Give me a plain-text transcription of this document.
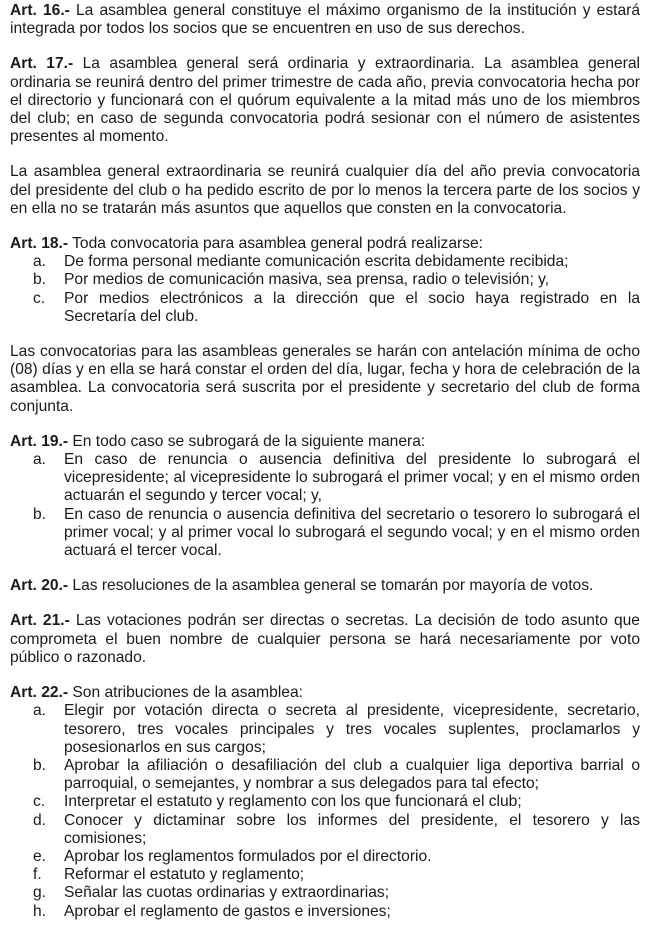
Art. 16.- La asamblea general constituye el máximo organismo de la institución y estará integrada por todos los socios que se encuentren en uso de sus derechos.

Art. 17.- La asamblea general será ordinaria y extraordinaria. La asamblea general ordinaria se reunirá dentro del primer trimestre de cada año, previa convocatoria hecha por el directorio y funcionará con el quórum equivalente a la mitad más uno de los miembros del club; en caso de segunda convocatoria podrá sesionar con el número de asistentes presentes al momento.

La asamblea general extraordinaria se reunirá cualquier día del año previa convocatoria del presidente del club o ha pedido escrito de por lo menos la tercera parte de los socios y en ella no se tratarán más asuntos que aquellos que consten en la convocatoria.

Art. 18.- Toda convocatoria para asamblea general podrá realizarse:

a. De forma personal mediante comunicación escrita debidamente recibida;
b. Por medios de comunicación masiva, sea prensa, radio o televisión; y,
c. Por medios electrónicos a la dirección que el socio haya registrado en la Secretaría del club.

Las convocatorias para las asambleas generales se harán con antelación mínima de ocho (08) días y en ella se hará constar el orden del día, lugar, fecha y hora de celebración de la asamblea. La convocatoria será suscrita por el presidente y secretario del club de forma conjunta.

Art. 19.- En todo caso se subrogará de la siguiente manera:

a. En caso de renuncia o ausencia definitiva del presidente lo subrogará el vicepresidente; al vicepresidente lo subrogará el primer vocal; y en el mismo orden actuarán el segundo y tercer vocal; y,
b. En caso de renuncia o ausencia definitiva del secretario o tesorero lo subrogará el primer vocal; y al primer vocal lo subrogará el segundo vocal; y en el mismo orden actuará el tercer vocal.

Art. 20.- Las resoluciones de la asamblea general se tomarán por mayoría de votos.

Art. 21.- Las votaciones podrán ser directas o secretas. La decisión de todo asunto que comprometa el buen nombre de cualquier persona se hará necesariamente por voto público o razonado.

Art. 22.- Son atribuciones de la asamblea:

a. Elegir por votación directa o secreta al presidente, vicepresidente, secretario, tesorero, tres vocales principales y tres vocales suplentes, proclamarlos y posesionarlos en sus cargos;
b. Aprobar la afiliación o desafiliación del club a cualquier liga deportiva barrial o parroquial, o semejantes, y nombrar a sus delegados para tal efecto;
c. Interpretar el estatuto y reglamento con los que funcionará el club;
d. Conocer y dictaminar sobre los informes del presidente, el tesorero y las comisiones;
e. Aprobar los reglamentos formulados por el directorio.
f. Reformar el estatuto y reglamento;
g. Señalar las cuotas ordinarias y extraordinarias;
h. Aprobar el reglamento de gastos e inversiones;
